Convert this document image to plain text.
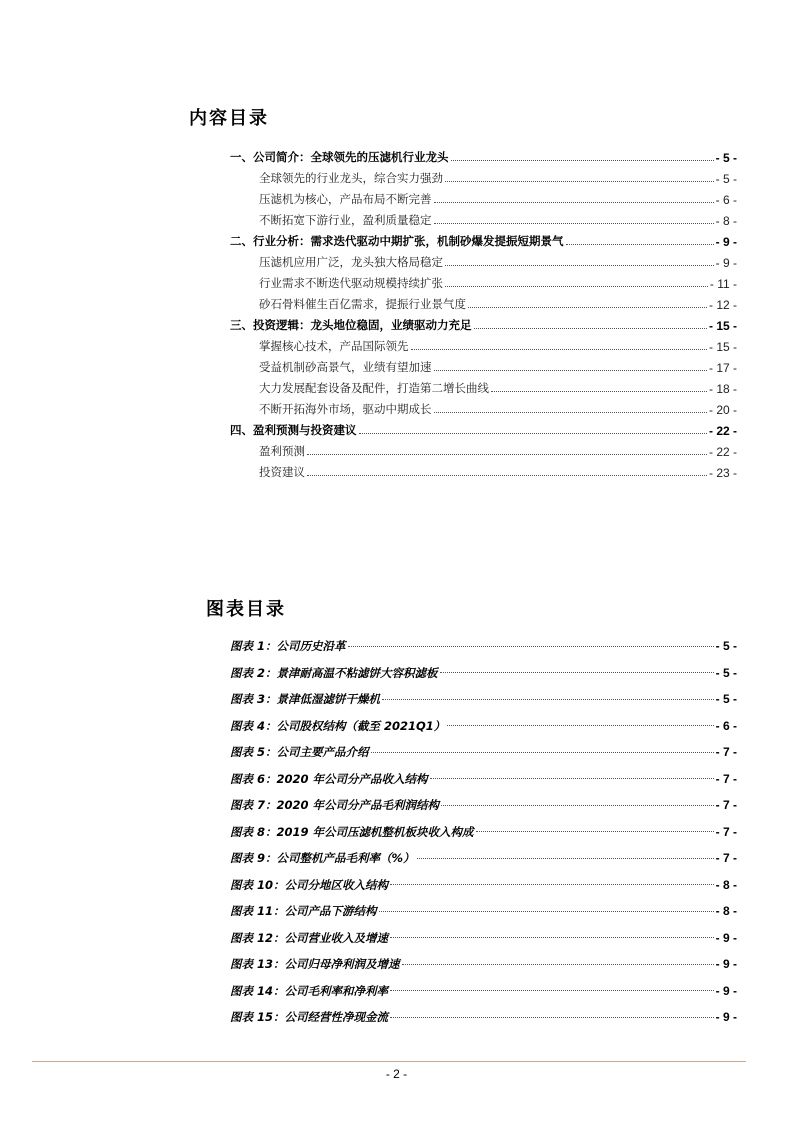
内容目录
一、公司简介：全球领先的压滤机行业龙头	- 5 -
全球领先的行业龙头，综合实力强劲	- 5 -
压滤机为核心，产品布局不断完善	- 6 -
不断拓宽下游行业，盈利质量稳定	- 8 -
二、行业分析：需求迭代驱动中期扩张，机制砂爆发提振短期景气	- 9 -
压滤机应用广泛，龙头独大格局稳定	- 9 -
行业需求不断迭代驱动规模持续扩张	- 11 -
砂石骨料催生百亿需求，提振行业景气度	- 12 -
三、投资逻辑：龙头地位稳固，业绩驱动力充足	- 15 -
掌握核心技术，产品国际领先	- 15 -
受益机制砂高景气，业绩有望加速	- 17 -
大力发展配套设备及配件，打造第二增长曲线	- 18 -
不断开拓海外市场，驱动中期成长	- 20 -
四、盈利预测与投资建议	- 22 -
盈利预测	- 22 -
投资建议	- 23 -
图表目录
图表 1：公司历史沿革	- 5 -
图表 2：景津耐高温不粘滤饼大容积滤板	- 5 -
图表 3：景津低湿滤饼干燥机	- 5 -
图表 4：公司股权结构（截至 2021Q1）	- 6 -
图表 5：公司主要产品介绍	- 7 -
图表 6：2020 年公司分产品收入结构	- 7 -
图表 7：2020 年公司分产品毛利润结构	- 7 -
图表 8：2019 年公司压滤机整机板块收入构成	- 7 -
图表 9：公司整机产品毛利率（%）	- 7 -
图表 10：公司分地区收入结构	- 8 -
图表 11：公司产品下游结构	- 8 -
图表 12：公司营业收入及增速	- 9 -
图表 13：公司归母净利润及增速	- 9 -
图表 14：公司毛利率和净利率	- 9 -
图表 15：公司经营性净现金流	- 9 -
- 2 -
